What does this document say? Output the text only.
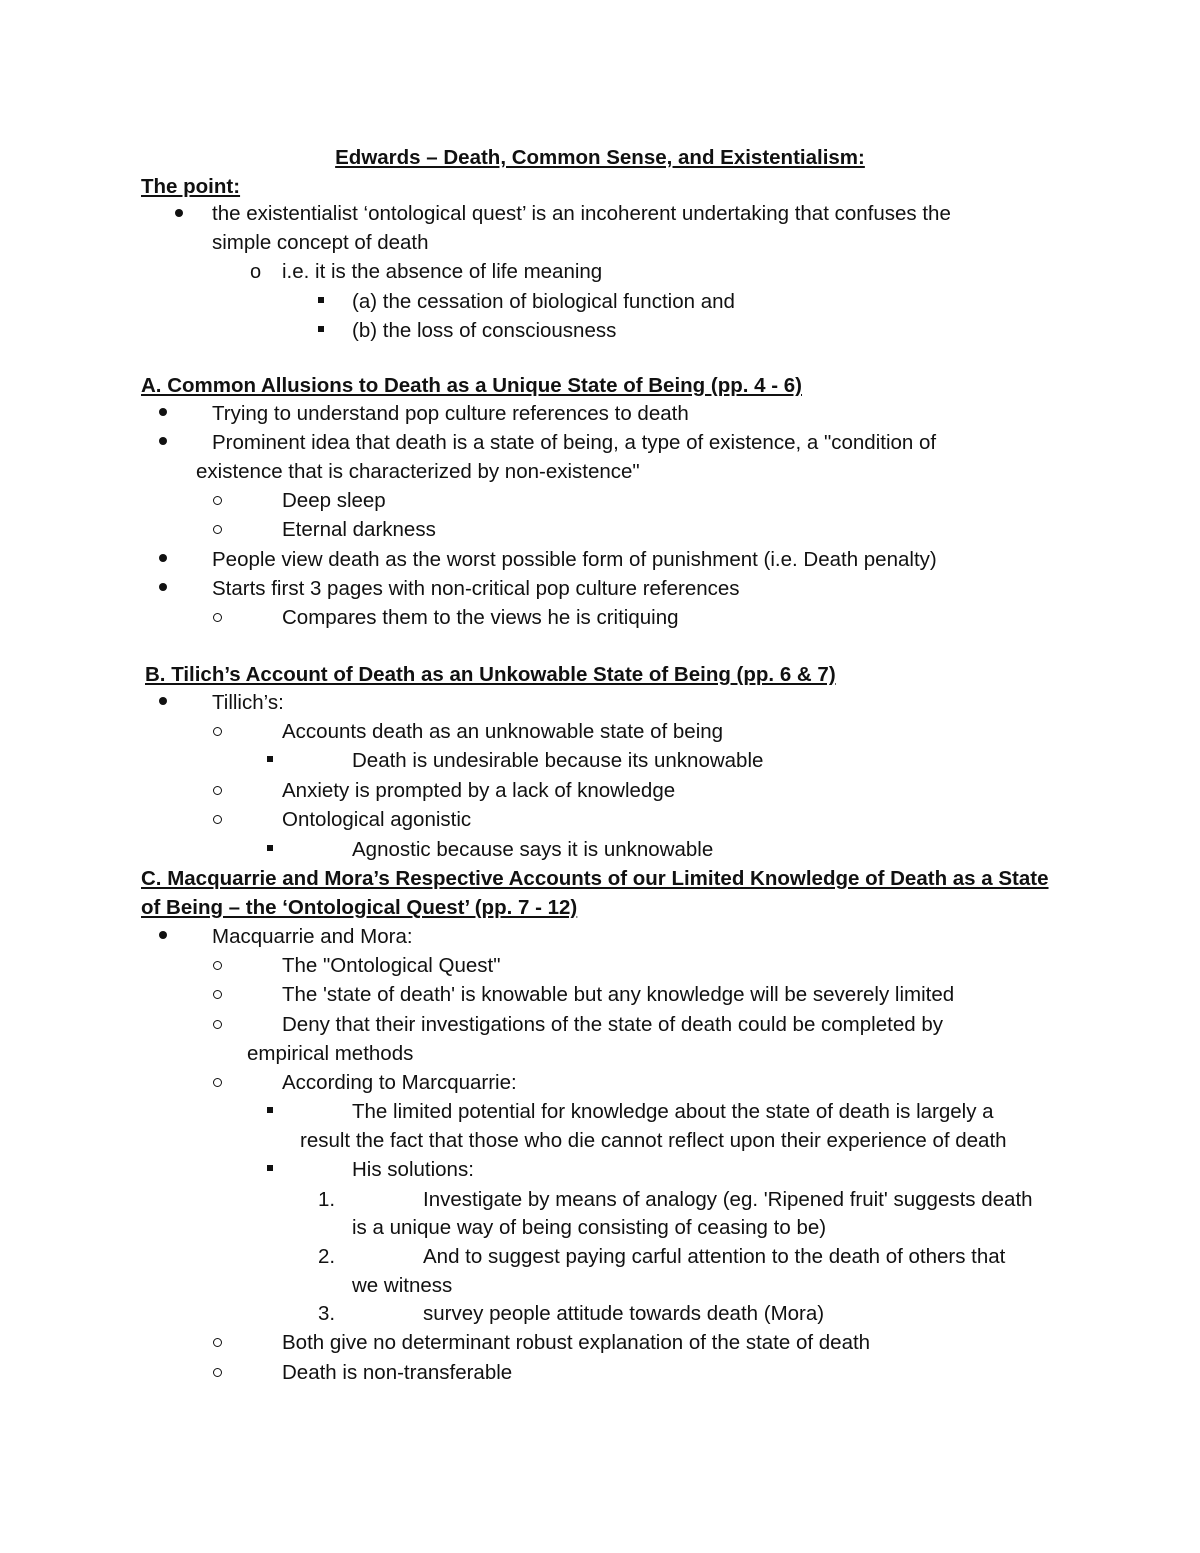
Edwards – Death, Common Sense, and Existentialism:
The point:
the existentialist ‘ontological quest’ is an incoherent undertaking that confuses the
simple concept of death
o i.e. it is the absence of life meaning
(a) the cessation of biological function and
(b) the loss of consciousness
A. Common Allusions to Death as a Unique State of Being (pp. 4 - 6)
Trying to understand pop culture references to death
Prominent idea that death is a state of being, a type of existence, a "condition of
existence that is characterized by non-existence"
Deep sleep
Eternal darkness
People view death as the worst possible form of punishment (i.e. Death penalty)
Starts first 3 pages with non-critical pop culture references
Compares them to the views he is critiquing
B. Tilich’s Account of Death as an Unkowable State of Being (pp. 6 & 7)
Tillich’s:
Accounts death as an unknowable state of being
Death is undesirable because its unknowable
Anxiety is prompted by a lack of knowledge
Ontological agonistic
Agnostic because says it is unknowable
C. Macquarrie and Mora’s Respective Accounts of our Limited Knowledge of Death as a State
of Being – the ‘Ontological Quest’ (pp. 7 - 12)
Macquarrie and Mora:
The "Ontological Quest"
The 'state of death' is knowable but any knowledge will be severely limited
Deny that their investigations of the state of death could be completed by
empirical methods
According to Marcquarrie:
The limited potential for knowledge about the state of death is largely a
result the fact that those who die cannot reflect upon their experience of death
His solutions:
1.	Investigate by means of analogy (eg. 'Ripened fruit' suggests death
is a unique way of being consisting of ceasing to be)
2.	And to suggest paying carful attention to the death of others that
we witness
3.	survey people attitude towards death (Mora)
Both give no determinant robust explanation of the state of death
Death is non-transferable
